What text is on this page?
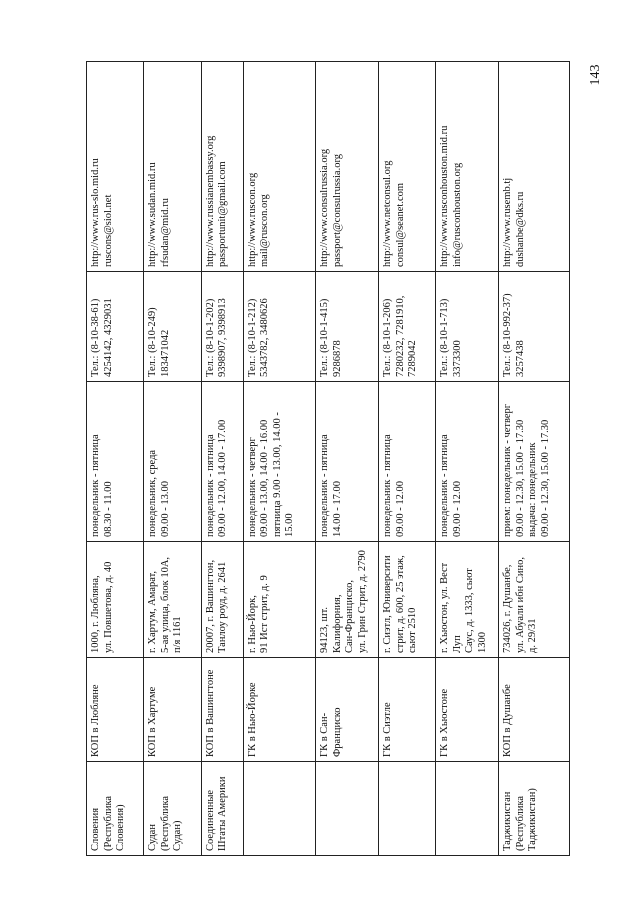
143
Словения
(Республика
Словения)	КОП в Любляне	1000, г. Любляна,
ул. Повшетова, д. 40	понедельник - пятница
08.30 - 11.00	Тел.: (8-10-38-61)
4254142, 4329031	http://www.rus-slo.mid.ru
ruscons@siol.net
Судан
(Республика Судан)	КОП в Хартуме	г. Хартум, Амарат,
5-ая улица, блок 10А,
п/я 1161	понедельник, среда
09.00 - 13.00	Тел.: (8-10-249)
183471042	http://www.sudan.mid.ru
rfsudan@mid.ru
Соединенные
Штаты Америки	КОП в Вашингтоне	20007, г. Вашингтон,
Танлоу роуд, д. 2641	понедельник - пятница
09.00 - 12.00, 14.00 - 17.00	Тел.: (8-10-1-202)
9398907, 9398913	http://www.russianembassy.org
passportunit@gmail.com
	ГК в Нью-Йорке	г. Нью-Йорк,
91 Ист стрит, д. 9	понедельник - четверг
09.00 - 13.00, 14.00 - 16.00
пятница 9.00 - 13.00, 14.00 -
15.00	Тел.: (8-10-1-212)
5343782, 3480626	http://www.ruscon.org
mail@ruscon.org
	ГК в Сан-
Франциско	94123, шт. Калифорния,
Сан-Франциско,
ул. Грин Стрит, д. 2790	понедельник - пятница
14.00 - 17.00	Тел.: (8-10-1-415)
9286878	http://www.consulrussia.org
passport@consulrussia.org
	ГК в Сиэтле	г. Сиэтл, Юниверсити
стрит, д. 600, 25 этаж,
сьют 2510	понедельник - пятница
09.00 - 12.00	Тел.: (8-10-1-206)
7280232, 7281910,
7289042	http://www.netconsul.org
consul@seanet.com
	ГК в Хьюстоне	г. Хьюстон, ул. Вест Луп
Саус, д. 1333, сьют 1300	понедельник - пятница
09.00 - 12.00	Тел.: (8-10-1-713)
3373300	http://www.rusconhouston.mid.ru
info@rusconhouston.org
Таджикистан
(Республика
Таджикистан)	КОП в Душанбе	734026, г. Душанбе,
ул. Абуали ибн Сино,
д. 29/31	прием: понедельник - четверг
09.00 - 12.30, 15.00 - 17.30
выдача: понедельник
09.00 - 12.30, 15.00 - 17.30	Тел.: (8-10-992-37)
3257438	http://www.rusemb.tj
dushanbe@dks.ru
